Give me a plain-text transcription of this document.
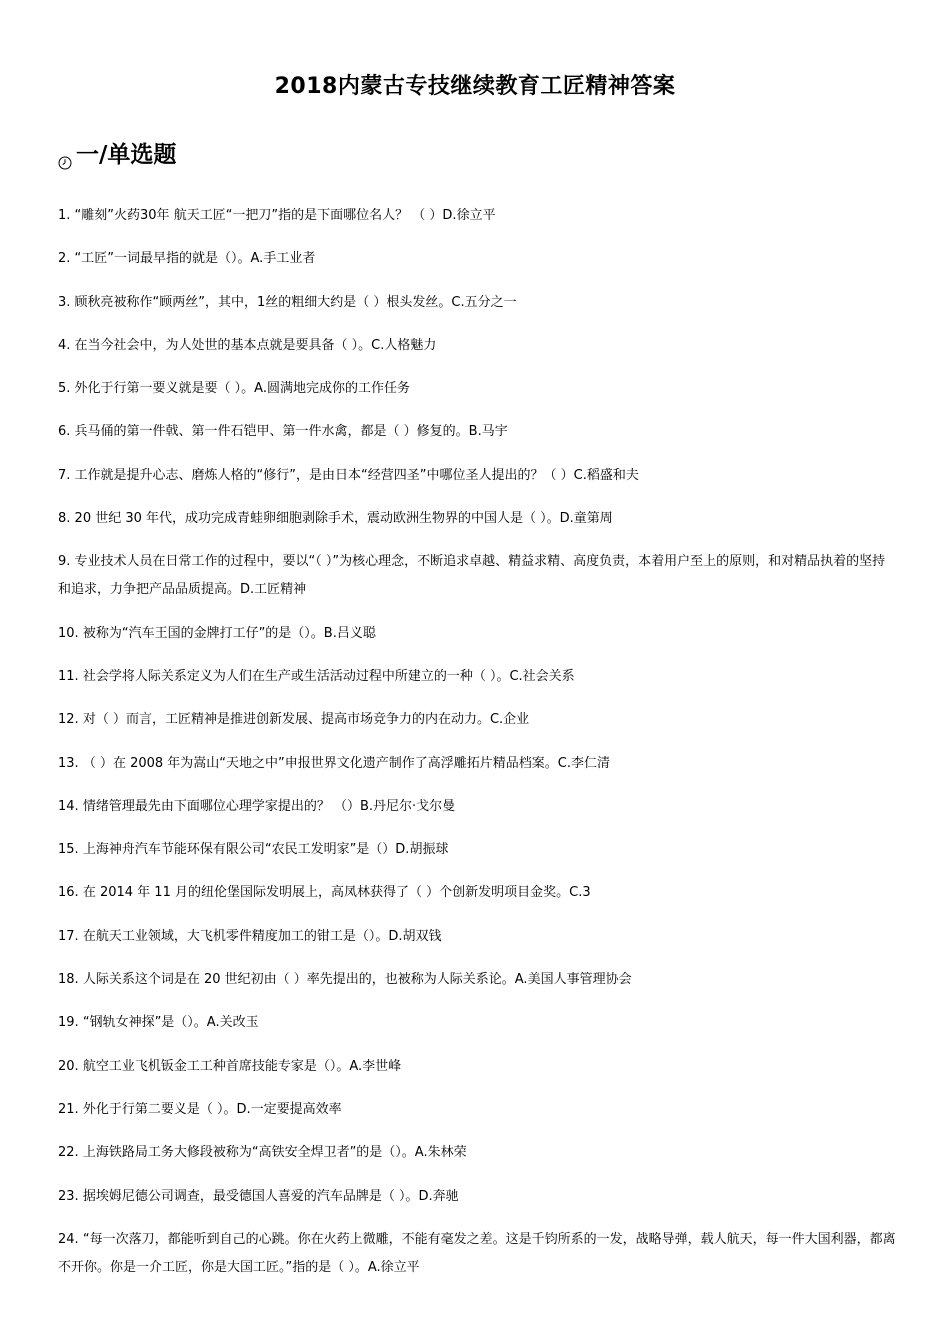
2018内蒙古专技继续教育工匠精神答案
一/单选题
1. “雕刻”火药30年 航天工匠“一把刀”指的是下面哪位名人？ （ ）D.徐立平
2. “工匠”一词最早指的就是（）。A.手工业者
3. 顾秋亮被称作“顾两丝”，其中，1丝的粗细大约是（ ）根头发丝。C.五分之一
4. 在当今社会中，为人处世的基本点就是要具备（ ）。C.人格魅力
5. 外化于行第一要义就是要（ ）。A.圆满地完成你的工作任务
6. 兵马俑的第一件戟、第一件石铠甲、第一件水禽，都是（ ）修复的。B.马宇
7. 工作就是提升心志、磨炼人格的“修行”，是由日本“经营四圣”中哪位圣人提出的？（ ）C.稻盛和夫
8. 20 世纪 30 年代，成功完成青蛙卵细胞剥除手术，震动欧洲生物界的中国人是（ ）。D.童第周
9. 专业技术人员在日常工作的过程中，要以“（ ）”为核心理念，不断追求卓越、精益求精、高度负责，本着用户至上的原则，和对精品执着的坚持和追求，力争把产品品质提高。D.工匠精神
10. 被称为“汽车王国的金牌打工仔”的是（）。B.吕义聪
11. 社会学将人际关系定义为人们在生产或生活活动过程中所建立的一种（ ）。C.社会关系
12. 对（ ）而言，工匠精神是推进创新发展、提高市场竞争力的内在动力。C.企业
13. （ ）在 2008 年为嵩山“天地之中”申报世界文化遗产制作了高浮雕拓片精品档案。C.李仁清
14. 情绪管理最先由下面哪位心理学家提出的？ （）B.丹尼尔·戈尔曼
15. 上海神舟汽车节能环保有限公司“农民工发明家”是（）D.胡振球
16. 在 2014 年 11 月的纽伦堡国际发明展上，高凤林获得了（ ）个创新发明项目金奖。C.3
17. 在航天工业领域，大飞机零件精度加工的钳工是（）。D.胡双钱
18. 人际关系这个词是在 20 世纪初由（ ）率先提出的，也被称为人际关系论。A.美国人事管理协会
19. “钢轨女神探”是（）。A.关改玉
20. 航空工业飞机钣金工工种首席技能专家是（）。A.李世峰
21. 外化于行第二要义是（ ）。D.一定要提高效率
22. 上海铁路局工务大修段被称为“高铁安全焊卫者”的是（）。A.朱林荣
23. 据埃姆尼德公司调查，最受德国人喜爱的汽车品牌是（ ）。D.奔驰
24. “每一次落刀，都能听到自己的心跳。你在火药上微雕，不能有毫发之差。这是千钧所系的一发，战略导弹，载人航天，每一件大国利器，都离不开你。你是一介工匠，你是大国工匠。”指的是（ ）。A.徐立平
